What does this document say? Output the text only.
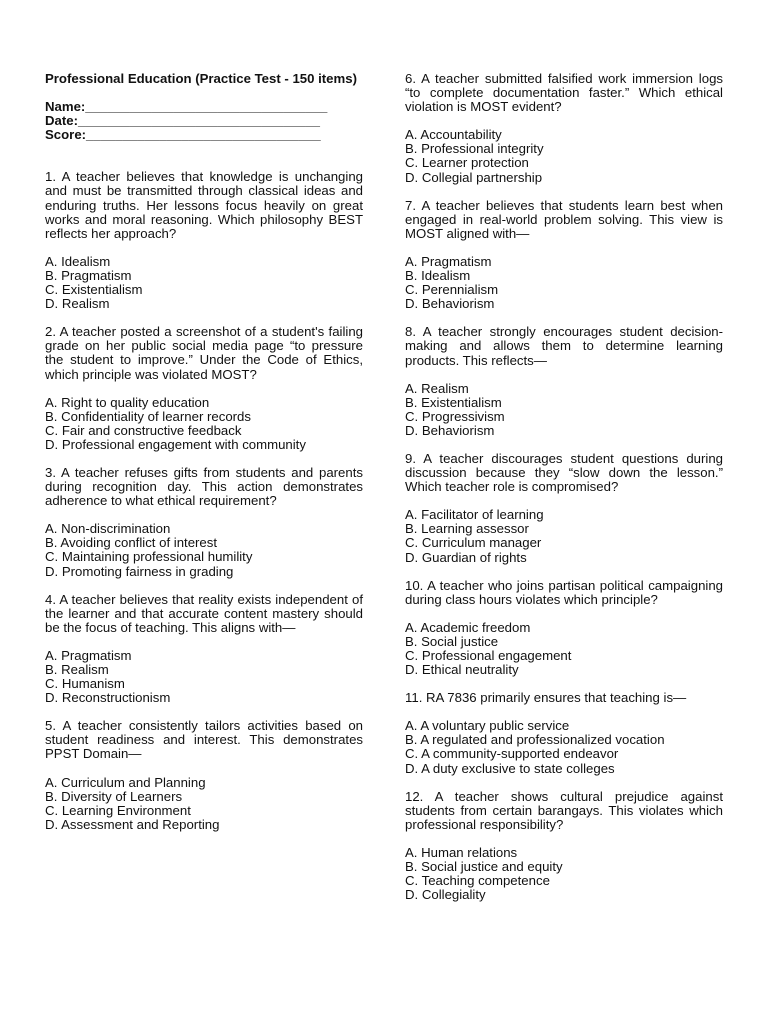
Professional Education (Practice Test - 150 items)
Name:_________________________________
Date:_________________________________
Score:________________________________
1. A teacher believes that knowledge is unchanging and must be transmitted through classical ideas and enduring truths. Her lessons focus heavily on great works and moral reasoning. Which philosophy BEST reflects her approach?
A. Idealism
B. Pragmatism
C. Existentialism
D. Realism
2. A teacher posted a screenshot of a student's failing grade on her public social media page “to pressure the student to improve.” Under the Code of Ethics, which principle was violated MOST?
A. Right to quality education
B. Confidentiality of learner records
C. Fair and constructive feedback
D. Professional engagement with community
3. A teacher refuses gifts from students and parents during recognition day. This action demonstrates adherence to what ethical requirement?
A. Non-discrimination
B. Avoiding conflict of interest
C. Maintaining professional humility
D. Promoting fairness in grading
4. A teacher believes that reality exists independent of the learner and that accurate content mastery should be the focus of teaching. This aligns with—
A. Pragmatism
B. Realism
C. Humanism
D. Reconstructionism
5. A teacher consistently tailors activities based on student readiness and interest. This demonstrates PPST Domain—
A. Curriculum and Planning
B. Diversity of Learners
C. Learning Environment
D. Assessment and Reporting
6. A teacher submitted falsified work immersion logs “to complete documentation faster.” Which ethical violation is MOST evident?
A. Accountability
B. Professional integrity
C. Learner protection
D. Collegial partnership
7. A teacher believes that students learn best when engaged in real-world problem solving. This view is MOST aligned with—
A. Pragmatism
B. Idealism
C. Perennialism
D. Behaviorism
8. A teacher strongly encourages student decision-making and allows them to determine learning products. This reflects—
A. Realism
B. Existentialism
C. Progressivism
D. Behaviorism
9. A teacher discourages student questions during discussion because they “slow down the lesson.” Which teacher role is compromised?
A. Facilitator of learning
B. Learning assessor
C. Curriculum manager
D. Guardian of rights
10. A teacher who joins partisan political campaigning during class hours violates which principle?
A. Academic freedom
B. Social justice
C. Professional engagement
D. Ethical neutrality
11. RA 7836 primarily ensures that teaching is—
A. A voluntary public service
B. A regulated and professionalized vocation
C. A community-supported endeavor
D. A duty exclusive to state colleges
12. A teacher shows cultural prejudice against students from certain barangays. This violates which professional responsibility?
A. Human relations
B. Social justice and equity
C. Teaching competence
D. Collegiality
